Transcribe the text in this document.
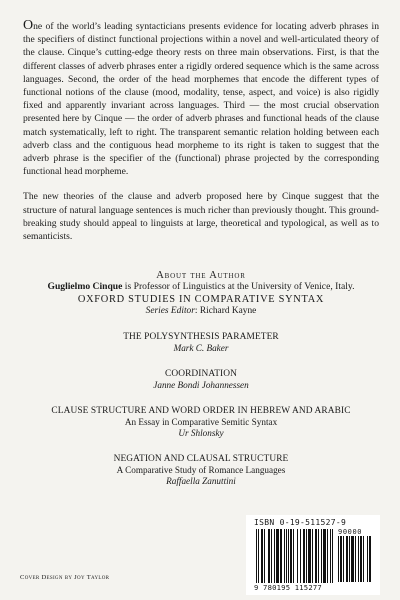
One of the world’s leading syntacticians presents evidence for locating adverb phrases in the specifiers of distinct functional projections within a novel and well-articulated theory of the clause. Cinque’s cutting-edge theory rests on three main observations. First, is that the different classes of adverb phrases enter a rigidly ordered sequence which is the same across languages. Second, the order of the head morphemes that encode the different types of functional notions of the clause (mood, modality, tense, aspect, and voice) is also rigidly fixed and apparently invariant across languages. Third — the most crucial observation presented here by Cinque — the order of adverb phrases and functional heads of the clause match systematically, left to right. The transparent semantic relation holding between each adverb class and the contiguous head morpheme to its right is taken to suggest that the adverb phrase is the specifier of the (functional) phrase projected by the corresponding functional head morpheme.

The new theories of the clause and adverb proposed here by Cinque suggest that the structure of natural language sentences is much richer than previously thought. This ground-breaking study should appeal to linguists at large, theoretical and typological, as well as to semanticists.

About the Author
Guglielmo Cinque is Professor of Linguistics at the University of Venice, Italy.
OXFORD STUDIES IN COMPARATIVE SYNTAX
Series Editor: Richard Kayne
THE POLYSYNTHESIS PARAMETER
Mark C. Baker
COORDINATION
Janne Bondi Johannessen
CLAUSE STRUCTURE AND WORD ORDER IN HEBREW AND ARABIC
An Essay in Comparative Semitic Syntax
Ur Shlonsky
NEGATION AND CLAUSAL STRUCTURE
A Comparative Study of Romance Languages
Raffaella Zanuttini
Cover Design by Joy Taylor
ISBN 0-19-511527-9
90000
9 780195 115277
